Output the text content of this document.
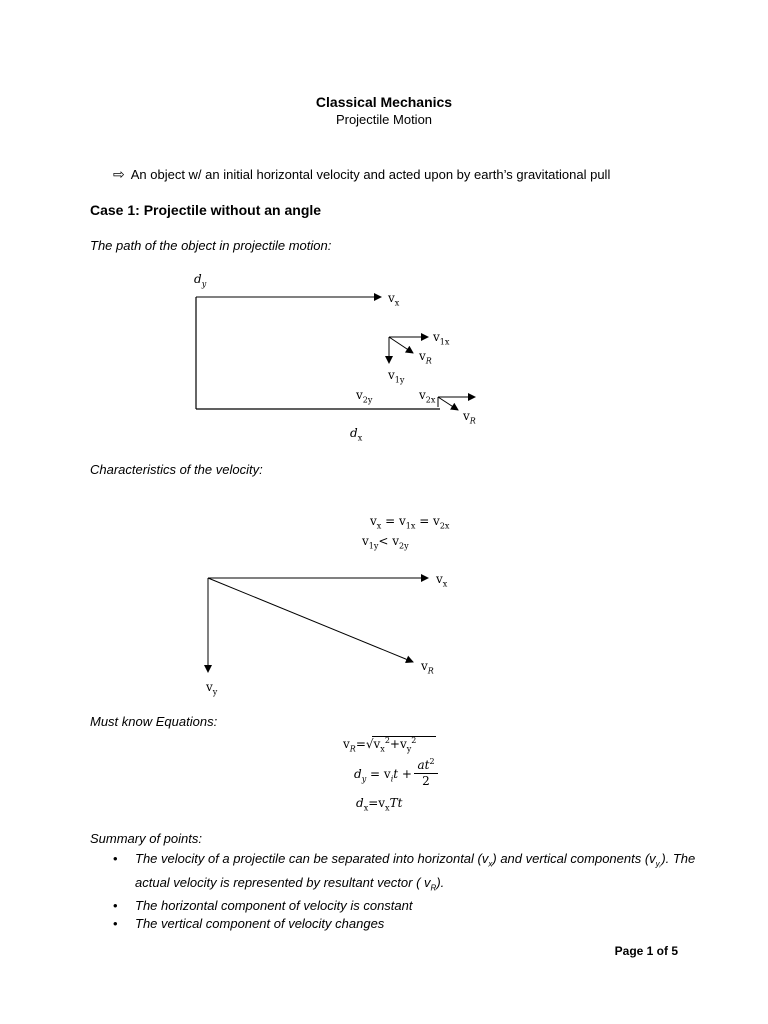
Classical Mechanics
Projectile Motion
⇨ An object w/ an initial horizontal velocity and acted upon by earth’s gravitational pull
Case 1: Projectile without an angle
The path of the object in projectile motion:
$d_y$
$v_x$
$v_{1x}$
$v_R$
$v_{1y}$
$v_{2y}$	$v_{2x}$
$v_R$
$d_x$
Characteristics of the velocity:
$v_x = v_{1x} = v_{2x}$
$v_{1y}< v_{2y}$
$v_x$
$v_R$
$v_y$
Must know Equations:
$v_R=√v_x^2+v_y^2$
$d_y = v_it$ +
$at^2$
2
$d_x=v_xTt$
Summary of points:
• The velocity of a projectile can be separated into horizontal $(v_x)$ and vertical components $(v_{y,})$. The actual velocity is represented by resultant vector ( $v_R$).
• The horizontal component of velocity is constant
• The vertical component of velocity changes
Page 1 of 5
